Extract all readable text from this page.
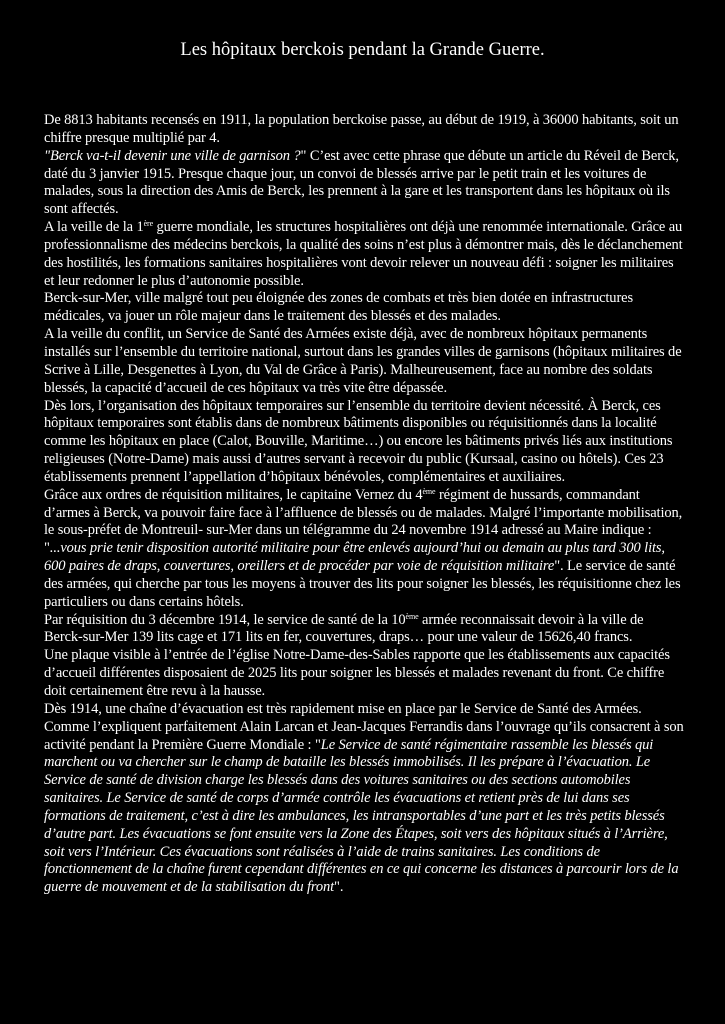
Les hôpitaux berckois pendant la Grande Guerre.

De 8813 habitants recensés en 1911, la population berckoise passe, au début de 1919, à 36000 habitants, soit un chiffre presque multiplié par 4.

"Berck va-t-il devenir une ville de garnison ?" C’est avec cette phrase que débute un article du Réveil de Berck, daté du 3 janvier 1915. Presque chaque jour, un convoi de blessés arrive par le petit train et les voitures de malades, sous la direction des Amis de Berck, les prennent à la gare et les transportent dans les hôpitaux où ils sont affectés.

A la veille de la 1ère guerre mondiale, les structures hospitalières ont déjà une renommée internationale. Grâce au professionnalisme des médecins berckois, la qualité des soins n’est plus à démontrer mais, dès le déclanchement des hostilités, les formations sanitaires hospitalières vont devoir relever un nouveau défi : soigner les militaires et leur redonner le plus d’autonomie possible.

Berck-sur-Mer, ville malgré tout peu éloignée des zones de combats et très bien dotée en infrastructures médicales, va jouer un rôle majeur dans le traitement des blessés et des malades.

A la veille du conflit, un Service de Santé des Armées existe déjà, avec de nombreux hôpitaux permanents installés sur l’ensemble du territoire national, surtout dans les grandes villes de garnisons (hôpitaux militaires de Scrive à Lille, Desgenettes à Lyon, du Val de Grâce à Paris). Malheureusement, face au nombre des soldats blessés, la capacité d’accueil de ces hôpitaux va très vite être dépassée.

Dès lors, l’organisation des hôpitaux temporaires sur l’ensemble du territoire devient nécessité. À Berck, ces hôpitaux temporaires sont établis dans de nombreux bâtiments disponibles ou réquisitionnés dans la localité comme les hôpitaux en place (Calot, Bouville, Maritime…) ou encore les bâtiments privés liés aux institutions religieuses (Notre-Dame) mais aussi d’autres servant à recevoir du public (Kursaal, casino ou hôtels). Ces 23 établissements prennent l’appellation d’hôpitaux bénévoles, complémentaires et auxiliaires.

Grâce aux ordres de réquisition militaires, le capitaine Vernez du 4ème régiment de hussards, commandant d’armes à Berck, va pouvoir faire face à l’affluence de blessés ou de malades. Malgré l’importante mobilisation, le sous-préfet de Montreuil- sur-Mer dans un télégramme du 24 novembre 1914 adressé au Maire indique : "...vous prie tenir disposition autorité militaire pour être enlevés aujourd’hui ou demain au plus tard 300 lits, 600 paires de draps, couvertures, oreillers et de procéder par voie de réquisition militaire". Le service de santé des armées, qui cherche par tous les moyens à trouver des lits pour soigner les blessés, les réquisitionne chez les particuliers ou dans certains hôtels.

Par réquisition du 3 décembre 1914, le service de santé de la 10ème armée reconnaissait devoir à la ville de Berck-sur-Mer 139 lits cage et 171 lits en fer, couvertures, draps… pour une valeur de 15626,40 francs.

Une plaque visible à l’entrée de l’église Notre-Dame-des-Sables rapporte que les établissements aux capacités d’accueil différentes disposaient de 2025 lits pour soigner les blessés et malades revenant du front. Ce chiffre doit certainement être revu à la hausse.

Dès 1914, une chaîne d’évacuation est très rapidement mise en place par le Service de Santé des Armées. Comme l’expliquent parfaitement Alain Larcan et Jean-Jacques Ferrandis dans l’ouvrage qu’ils consacrent à son activité pendant la Première Guerre Mondiale : "Le Service de santé régimentaire rassemble les blessés qui marchent ou va chercher sur le champ de bataille les blessés immobilisés. Il les prépare à l’évacuation. Le Service de santé de division charge les blessés dans des voitures sanitaires ou des sections automobiles sanitaires. Le Service de santé de corps d’armée contrôle les évacuations et retient près de lui dans ses formations de traitement, c’est à dire les ambulances, les intransportables d’une part et les très petits blessés d’autre part. Les évacuations se font ensuite vers la Zone des Étapes, soit vers des hôpitaux situés à l’Arrière, soit vers l’Intérieur. Ces évacuations sont réalisées à l’aide de trains sanitaires. Les conditions de fonctionnement de la chaîne furent cependant différentes en ce qui concerne les distances à parcourir lors de la guerre de mouvement et de la stabilisation du front".
